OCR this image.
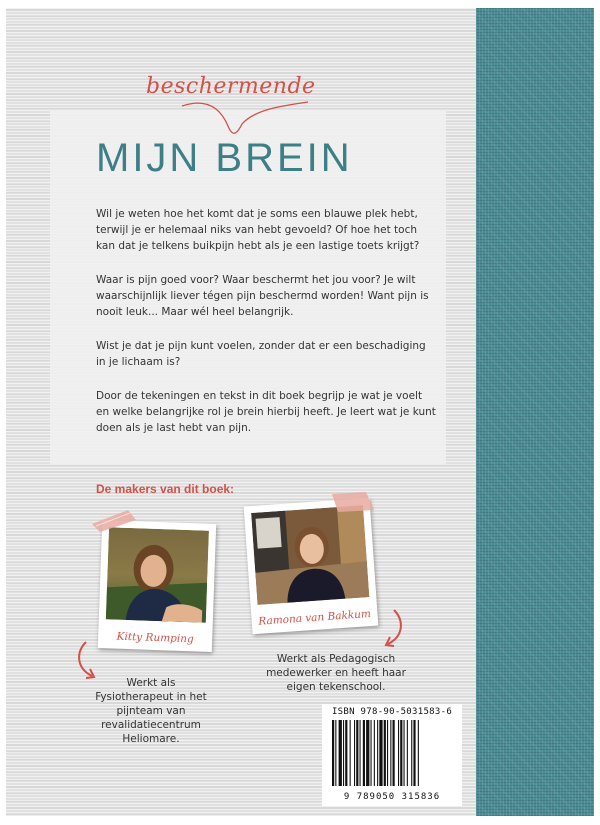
beschermende

MIJN BREIN

Wil je weten hoe het komt dat je soms een blauwe plek hebt, terwijl je er helemaal niks van hebt gevoeld? Of hoe het toch kan dat je telkens buikpijn hebt als je een lastige toets krijgt?

Waar is pijn goed voor? Waar beschermt het jou voor? Je wilt waarschijnlijk liever tégen pijn beschermd worden! Want pijn is nooit leuk... Maar wél heel belangrijk.

Wist je dat je pijn kunt voelen, zonder dat er een beschadiging in je lichaam is?

Door de tekeningen en tekst in dit boek begrijp je wat je voelt en welke belangrijke rol je brein hierbij heeft. Je leert wat je kunt doen als je last hebt van pijn.

De makers van dit boek:

Kitty Rumping

Ramona van Bakkum

Werkt als Fysiotherapeut in het pijnteam van revalidatiecentrum Heliomare.

Werkt als Pedagogisch medewerker en heeft haar eigen tekenschool.

ISBN 978-90-5031583-6

9 789050 315836
